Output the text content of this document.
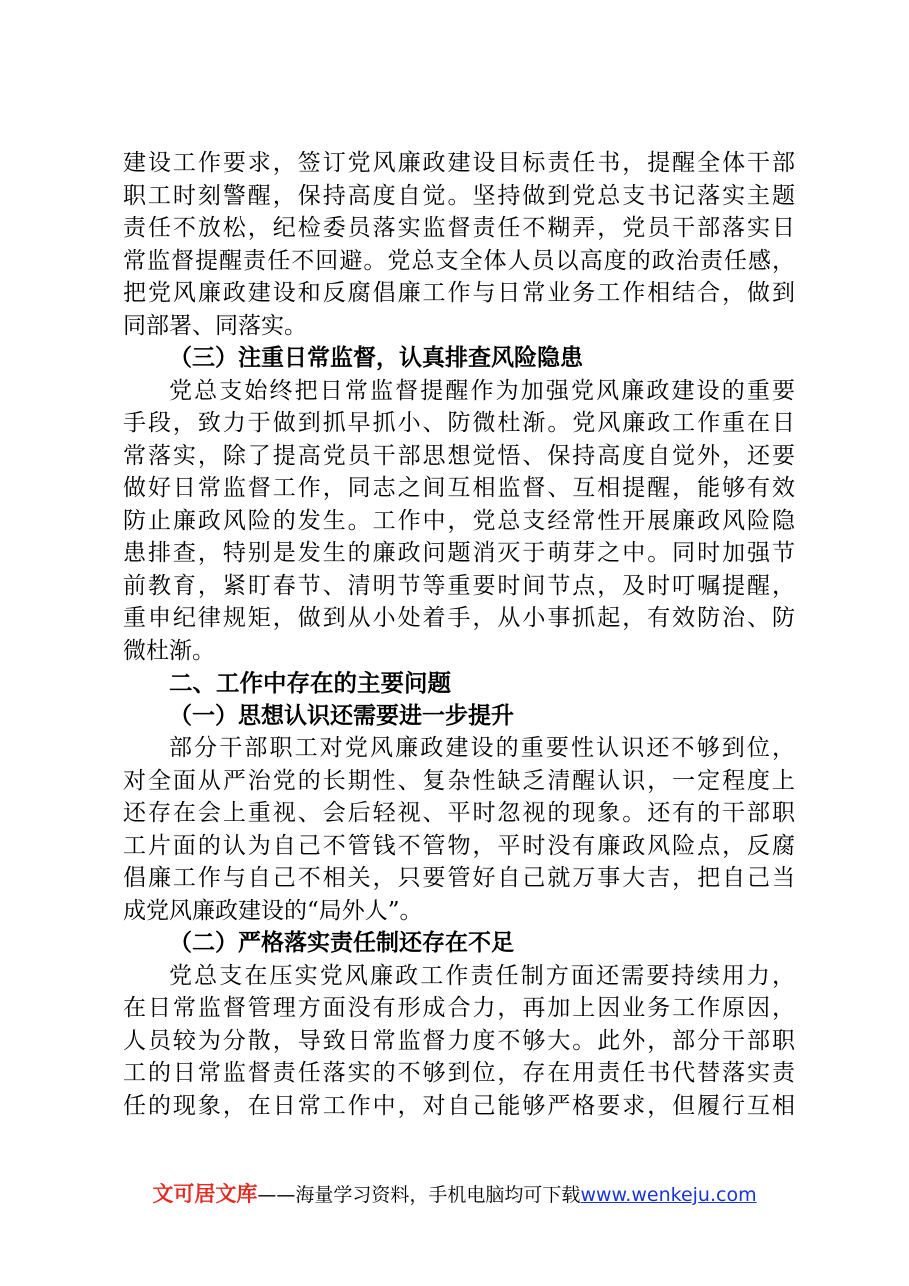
建设工作要求，签订党风廉政建设目标责任书，提醒全体干部
职工时刻警醒，保持高度自觉。坚持做到党总支书记落实主题
责任不放松，纪检委员落实监督责任不糊弄，党员干部落实日
常监督提醒责任不回避。党总支全体人员以高度的政治责任感，
把党风廉政建设和反腐倡廉工作与日常业务工作相结合，做到
同部署、同落实。
（三）注重日常监督，认真排查风险隐患
党总支始终把日常监督提醒作为加强党风廉政建设的重要
手段，致力于做到抓早抓小、防微杜渐。党风廉政工作重在日
常落实，除了提高党员干部思想觉悟、保持高度自觉外，还要
做好日常监督工作，同志之间互相监督、互相提醒，能够有效
防止廉政风险的发生。工作中，党总支经常性开展廉政风险隐
患排查，特别是发生的廉政问题消灭于萌芽之中。同时加强节
前教育，紧盯春节、清明节等重要时间节点，及时叮嘱提醒，
重申纪律规矩，做到从小处着手，从小事抓起，有效防治、防
微杜渐。
二、工作中存在的主要问题
（一）思想认识还需要进一步提升
部分干部职工对党风廉政建设的重要性认识还不够到位，
对全面从严治党的长期性、复杂性缺乏清醒认识，一定程度上
还存在会上重视、会后轻视、平时忽视的现象。还有的干部职
工片面的认为自己不管钱不管物，平时没有廉政风险点，反腐
倡廉工作与自己不相关，只要管好自己就万事大吉，把自己当
成党风廉政建设的“局外人”。
（二）严格落实责任制还存在不足
党总支在压实党风廉政工作责任制方面还需要持续用力，
在日常监督管理方面没有形成合力，再加上因业务工作原因，
人员较为分散，导致日常监督力度不够大。此外，部分干部职
工的日常监督责任落实的不够到位，存在用责任书代替落实责
任的现象，在日常工作中，对自己能够严格要求，但履行互相
文可居文库——海量学习资料，手机电脑均可下载www.wenkeju.com
